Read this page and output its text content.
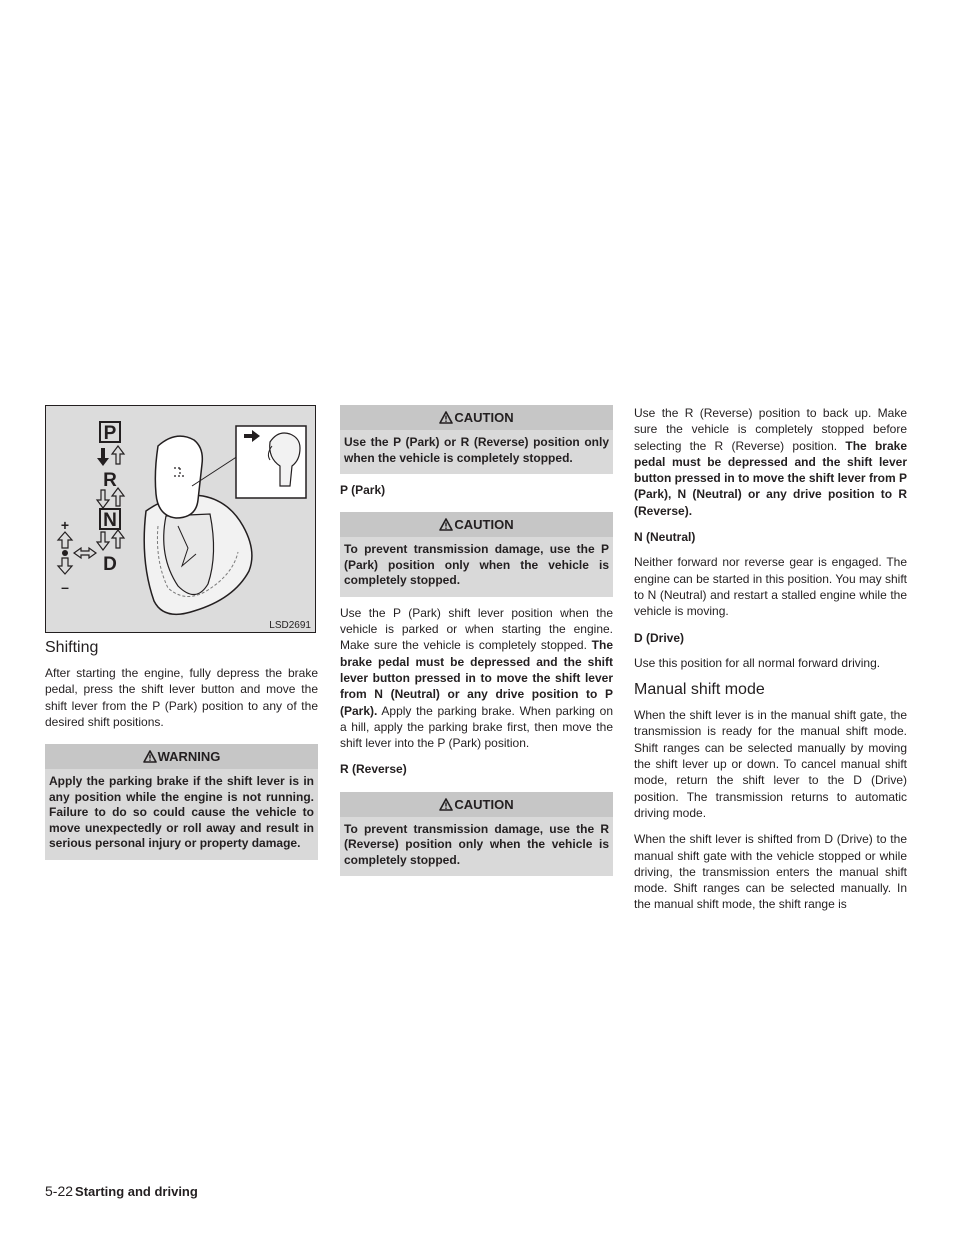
P
R
N
D
+
–
LSD2691
Shifting

After starting the engine, fully depress the brake pedal, press the shift lever button and move the shift lever from the P (Park) position to any of the desired shift positions.

WARNING
Apply the parking brake if the shift lever is in any position while the engine is not running. Failure to do so could cause the vehicle to move unexpectedly or roll away and result in serious personal injury or property damage.
CAUTION
Use the P (Park) or R (Reverse) position only when the vehicle is completely stopped.

P (Park)

CAUTION
To prevent transmission damage, use the P (Park) position only when the vehicle is completely stopped.

Use the P (Park) shift lever position when the vehicle is parked or when starting the engine. Make sure the vehicle is completely stopped. The brake pedal must be depressed and the shift lever button pressed in to move the shift lever from N (Neutral) or any drive position to P (Park). Apply the parking brake. When parking on a hill, apply the parking brake first, then move the shift lever into the P (Park) position.

R (Reverse)

CAUTION
To prevent transmission damage, use the R (Reverse) position only when the vehicle is completely stopped.

Use the R (Reverse) position to back up. Make sure the vehicle is completely stopped before selecting the R (Reverse) position. The brake pedal must be depressed and the shift lever button pressed in to move the shift lever from P (Park), N (Neutral) or any drive position to R (Reverse).

N (Neutral)

Neither forward nor reverse gear is engaged. The engine can be started in this position. You may shift to N (Neutral) and restart a stalled engine while the vehicle is moving.

D (Drive)

Use this position for all normal forward driving.

Manual shift mode

When the shift lever is in the manual shift gate, the transmission is ready for the manual shift mode. Shift ranges can be selected manually by moving the shift lever up or down. To cancel manual shift mode, return the shift lever to the D (Drive) position. The transmission returns to automatic driving mode.

When the shift lever is shifted from D (Drive) to the manual shift gate with the vehicle stopped or while driving, the transmission enters the manual shift mode. Shift ranges can be selected manually. In the manual shift mode, the shift range is

5-22 Starting and driving
